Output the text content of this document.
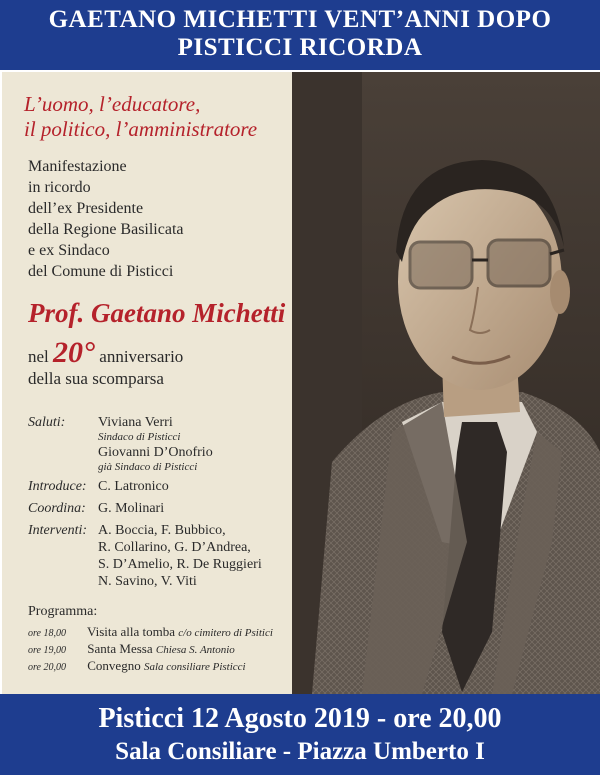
GAETANO MICHETTI VENT’ANNI DOPO
PISTICCI RICORDA
L’uomo, l’educatore,
il politico, l’amministratore
Manifestazione
in ricordo
dell’ex Presidente
della Regione Basilicata
e ex Sindaco
del Comune di Pisticci
Prof. Gaetano Michetti
nel 20° anniversario
della sua scomparsa
Saluti: Viviana Verri
Sindaco di Pisticci
Giovanni D’Onofrio
già Sindaco di Pisticci
Introduce: C. Latronico
Coordina: G. Molinari
Interventi: A. Boccia, F. Bubbico,
R. Collarino, G. D’Andrea,
S. D’Amelio, R. De Ruggieri
N. Savino, V. Viti
Programma:
ore 18,00 Visita alla tomba c/o cimitero di Psitici
ore 19,00 Santa Messa Chiesa S. Antonio
ore 20,00 Convegno Sala consiliare Pisticci
Pisticci 12 Agosto 2019 - ore 20,00
Sala Consiliare - Piazza Umberto I
